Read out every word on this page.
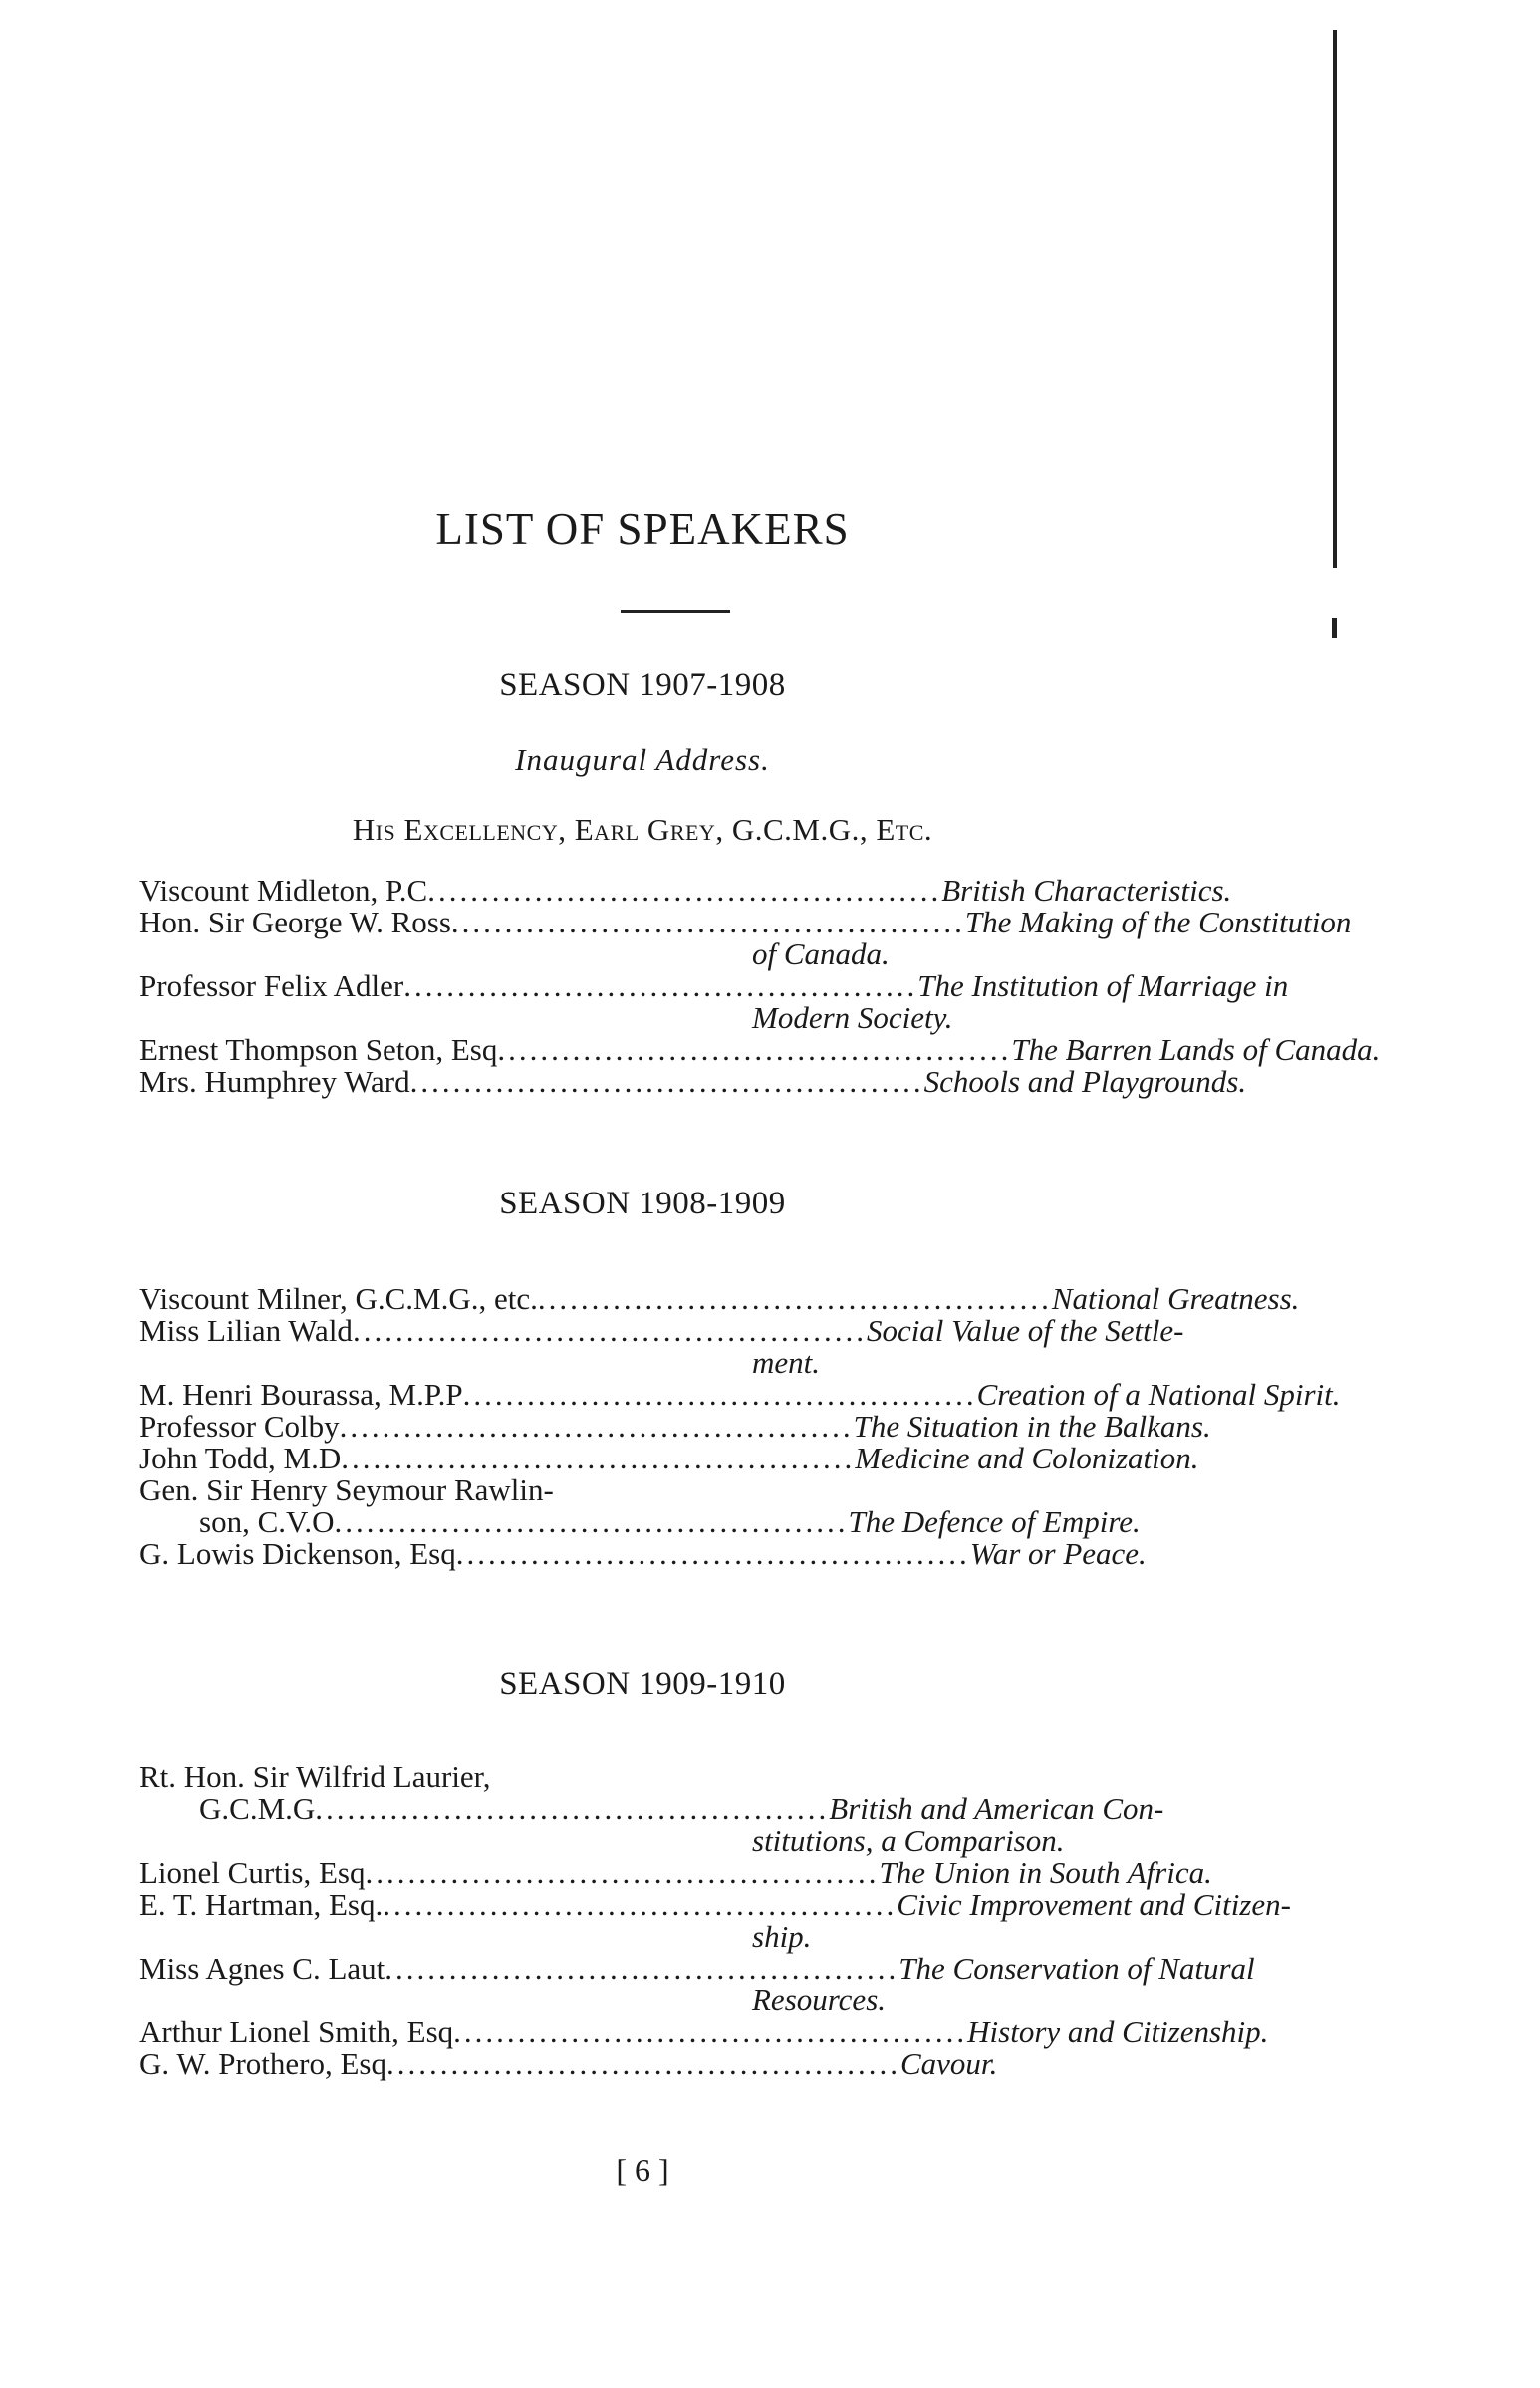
LIST OF SPEAKERS
SEASON 1907-1908
Inaugural Address.
His Excellency, Earl Grey, G.C.M.G., Etc.
Viscount Midleton, P.C ................................................ British Characteristics.
Hon. Sir George W. Ross ................................................ The Making of the Constitution
of Canada.
Professor Felix Adler ................................................ The Institution of Marriage in
Modern Society.
Ernest Thompson Seton, Esq ................................................ The Barren Lands of Canada.
Mrs. Humphrey Ward ................................................ Schools and Playgrounds.
SEASON 1908-1909
Viscount Milner, G.C.M.G., etc. ................................................ National Greatness.
Miss Lilian Wald ................................................ Social Value of the Settle-
ment.
M. Henri Bourassa, M.P.P ................................................ Creation of a National Spirit.
Professor Colby ................................................ The Situation in the Balkans.
John Todd, M.D ................................................ Medicine and Colonization.
Gen. Sir Henry Seymour Rawlin-
son, C.V.O ................................................ The Defence of Empire.
G. Lowis Dickenson, Esq ................................................ War or Peace.
SEASON 1909-1910
Rt. Hon. Sir Wilfrid Laurier,
G.C.M.G ................................................ British and American Con-
stitutions, a Comparison.
Lionel Curtis, Esq ................................................ The Union in South Africa.
E. T. Hartman, Esq. ................................................ Civic Improvement and Citizen-
ship.
Miss Agnes C. Laut ................................................ The Conservation of Natural
Resources.
Arthur Lionel Smith, Esq ................................................ History and Citizenship.
G. W. Prothero, Esq ................................................ Cavour.
[ 6 ]
